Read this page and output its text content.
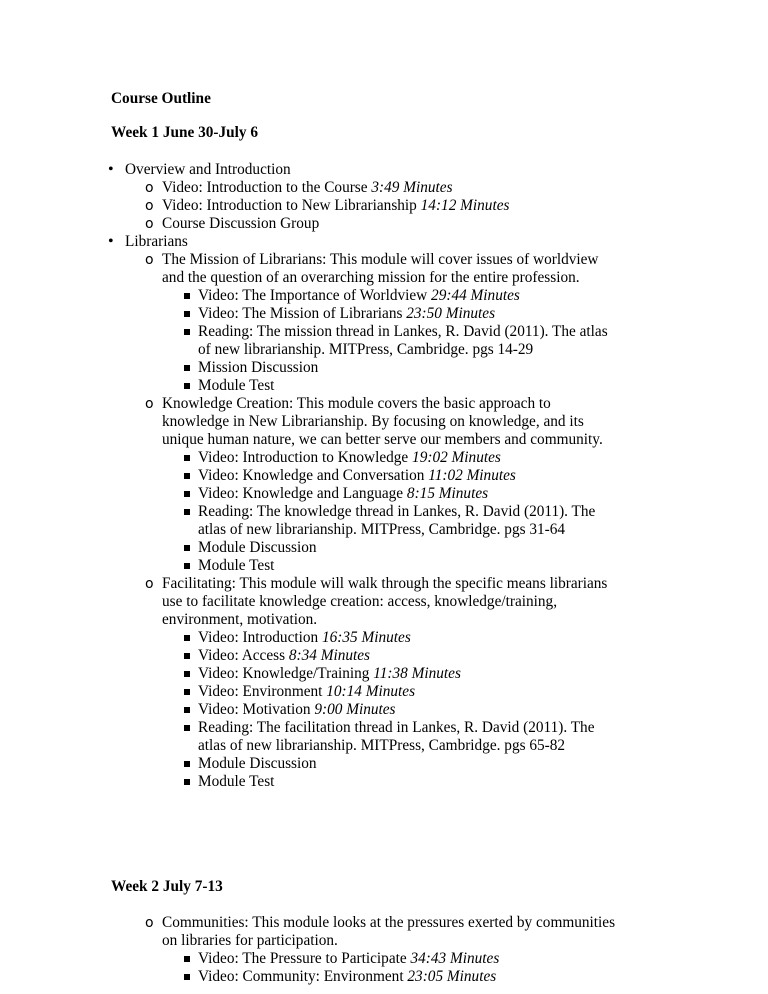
Course Outline
Week 1 June 30-July 6
• Overview and Introduction
o Video: Introduction to the Course 3:49 Minutes
o Video: Introduction to New Librarianship 14:12 Minutes
o Course Discussion Group
• Librarians
o The Mission of Librarians: This module will cover issues of worldview
and the question of an overarching mission for the entire profession.
Video: The Importance of Worldview 29:44 Minutes
Video: The Mission of Librarians 23:50 Minutes
Reading: The mission thread in Lankes, R. David (2011). The atlas
of new librarianship. MITPress, Cambridge. pgs 14-29
Mission Discussion
Module Test
o Knowledge Creation: This module covers the basic approach to
knowledge in New Librarianship. By focusing on knowledge, and its
unique human nature, we can better serve our members and community.
Video: Introduction to Knowledge 19:02 Minutes
Video: Knowledge and Conversation 11:02 Minutes
Video: Knowledge and Language 8:15 Minutes
Reading: The knowledge thread in Lankes, R. David (2011). The
atlas of new librarianship. MITPress, Cambridge. pgs 31-64
Module Discussion
Module Test
o Facilitating: This module will walk through the specific means librarians
use to facilitate knowledge creation: access, knowledge/training,
environment, motivation.
Video: Introduction 16:35 Minutes
Video: Access 8:34 Minutes
Video: Knowledge/Training 11:38 Minutes
Video: Environment 10:14 Minutes
Video: Motivation 9:00 Minutes
Reading: The facilitation thread in Lankes, R. David (2011). The
atlas of new librarianship. MITPress, Cambridge. pgs 65-82
Module Discussion
Module Test
Week 2 July 7-13
o Communities: This module looks at the pressures exerted by communities
on libraries for participation.
Video: The Pressure to Participate 34:43 Minutes
Video: Community: Environment 23:05 Minutes
